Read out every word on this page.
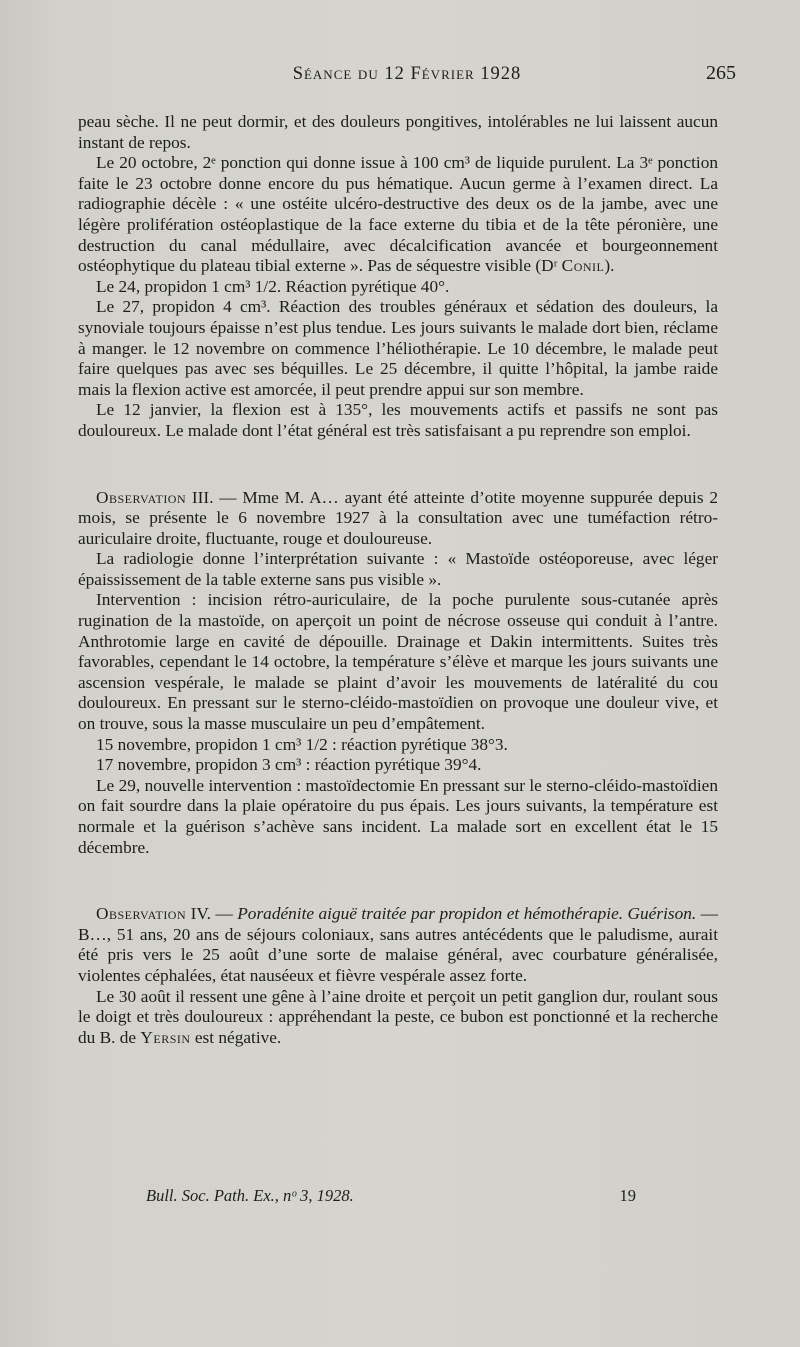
Séance du 12 Février 1928	265

peau sèche. Il ne peut dormir, et des douleurs pongitives, intolérables ne lui laissent aucun instant de repos.

Le 20 octobre, 2ᵉ ponction qui donne issue à 100 cm³ de liquide purulent. La 3ᵉ ponction faite le 23 octobre donne encore du pus hématique. Aucun germe à l’examen direct. La radiographie décèle : « une ostéite ulcéro-destructive des deux os de la jambe, avec une légère prolifération ostéoplastique de la face externe du tibia et de la tête péronière, une destruction du canal médullaire, avec décalcification avancée et bourgeonnement ostéophytique du plateau tibial externe ». Pas de séquestre visible (Dʳ Conil).

Le 24, propidon 1 cm³ 1/2. Réaction pyrétique 40°.

Le 27, propidon 4 cm³. Réaction des troubles généraux et sédation des douleurs, la synoviale toujours épaisse n’est plus tendue. Les jours suivants le malade dort bien, réclame à manger. le 12 novembre on commence l’héliothérapie. Le 10 décembre, le malade peut faire quelques pas avec ses béquilles. Le 25 décembre, il quitte l’hôpital, la jambe raide mais la flexion active est amorcée, il peut prendre appui sur son membre.

Le 12 janvier, la flexion est à 135°, les mouvements actifs et passifs ne sont pas douloureux. Le malade dont l’état général est très satisfaisant a pu reprendre son emploi.

Observation III. — Mme M. A… ayant été atteinte d’otite moyenne suppurée depuis 2 mois, se présente le 6 novembre 1927 à la consultation avec une tuméfaction rétro-auriculaire droite, fluctuante, rouge et douloureuse.

La radiologie donne l’interprétation suivante : « Mastoïde ostéoporeuse, avec léger épaississement de la table externe sans pus visible ».

Intervention : incision rétro-auriculaire, de la poche purulente sous-cutanée après rugination de la mastoïde, on aperçoit un point de nécrose osseuse qui conduit à l’antre. Anthrotomie large en cavité de dépouille. Drainage et Dakin intermittents. Suites très favorables, cependant le 14 octobre, la température s’élève et marque les jours suivants une ascension vespérale, le malade se plaint d’avoir les mouvements de latéralité du cou douloureux. En pressant sur le sterno-cléido-mastoïdien on provoque une douleur vive, et on trouve, sous la masse musculaire un peu d’empâtement.

15 novembre, propidon 1 cm³ 1/2 : réaction pyrétique 38°3.

17 novembre, propidon 3 cm³ : réaction pyrétique 39°4.

Le 29, nouvelle intervention : mastoïdectomie En pressant sur le sterno-cléido-mastoïdien on fait sourdre dans la plaie opératoire du pus épais. Les jours suivants, la température est normale et la guérison s’achève sans incident. La malade sort en excellent état le 15 décembre.

Observation IV. — Poradénite aiguë traitée par propidon et hémothérapie. Guérison. — B…, 51 ans, 20 ans de séjours coloniaux, sans autres antécédents que le paludisme, aurait été pris vers le 25 août d’une sorte de malaise général, avec courbature généralisée, violentes céphalées, état nauséeux et fièvre vespérale assez forte.

Le 30 août il ressent une gêne à l’aine droite et perçoit un petit ganglion dur, roulant sous le doigt et très douloureux : appréhendant la peste, ce bubon est ponctionné et la recherche du B. de Yersin est négative.

Bull. Soc. Path. Ex., nᵒ 3, 1928.	19
